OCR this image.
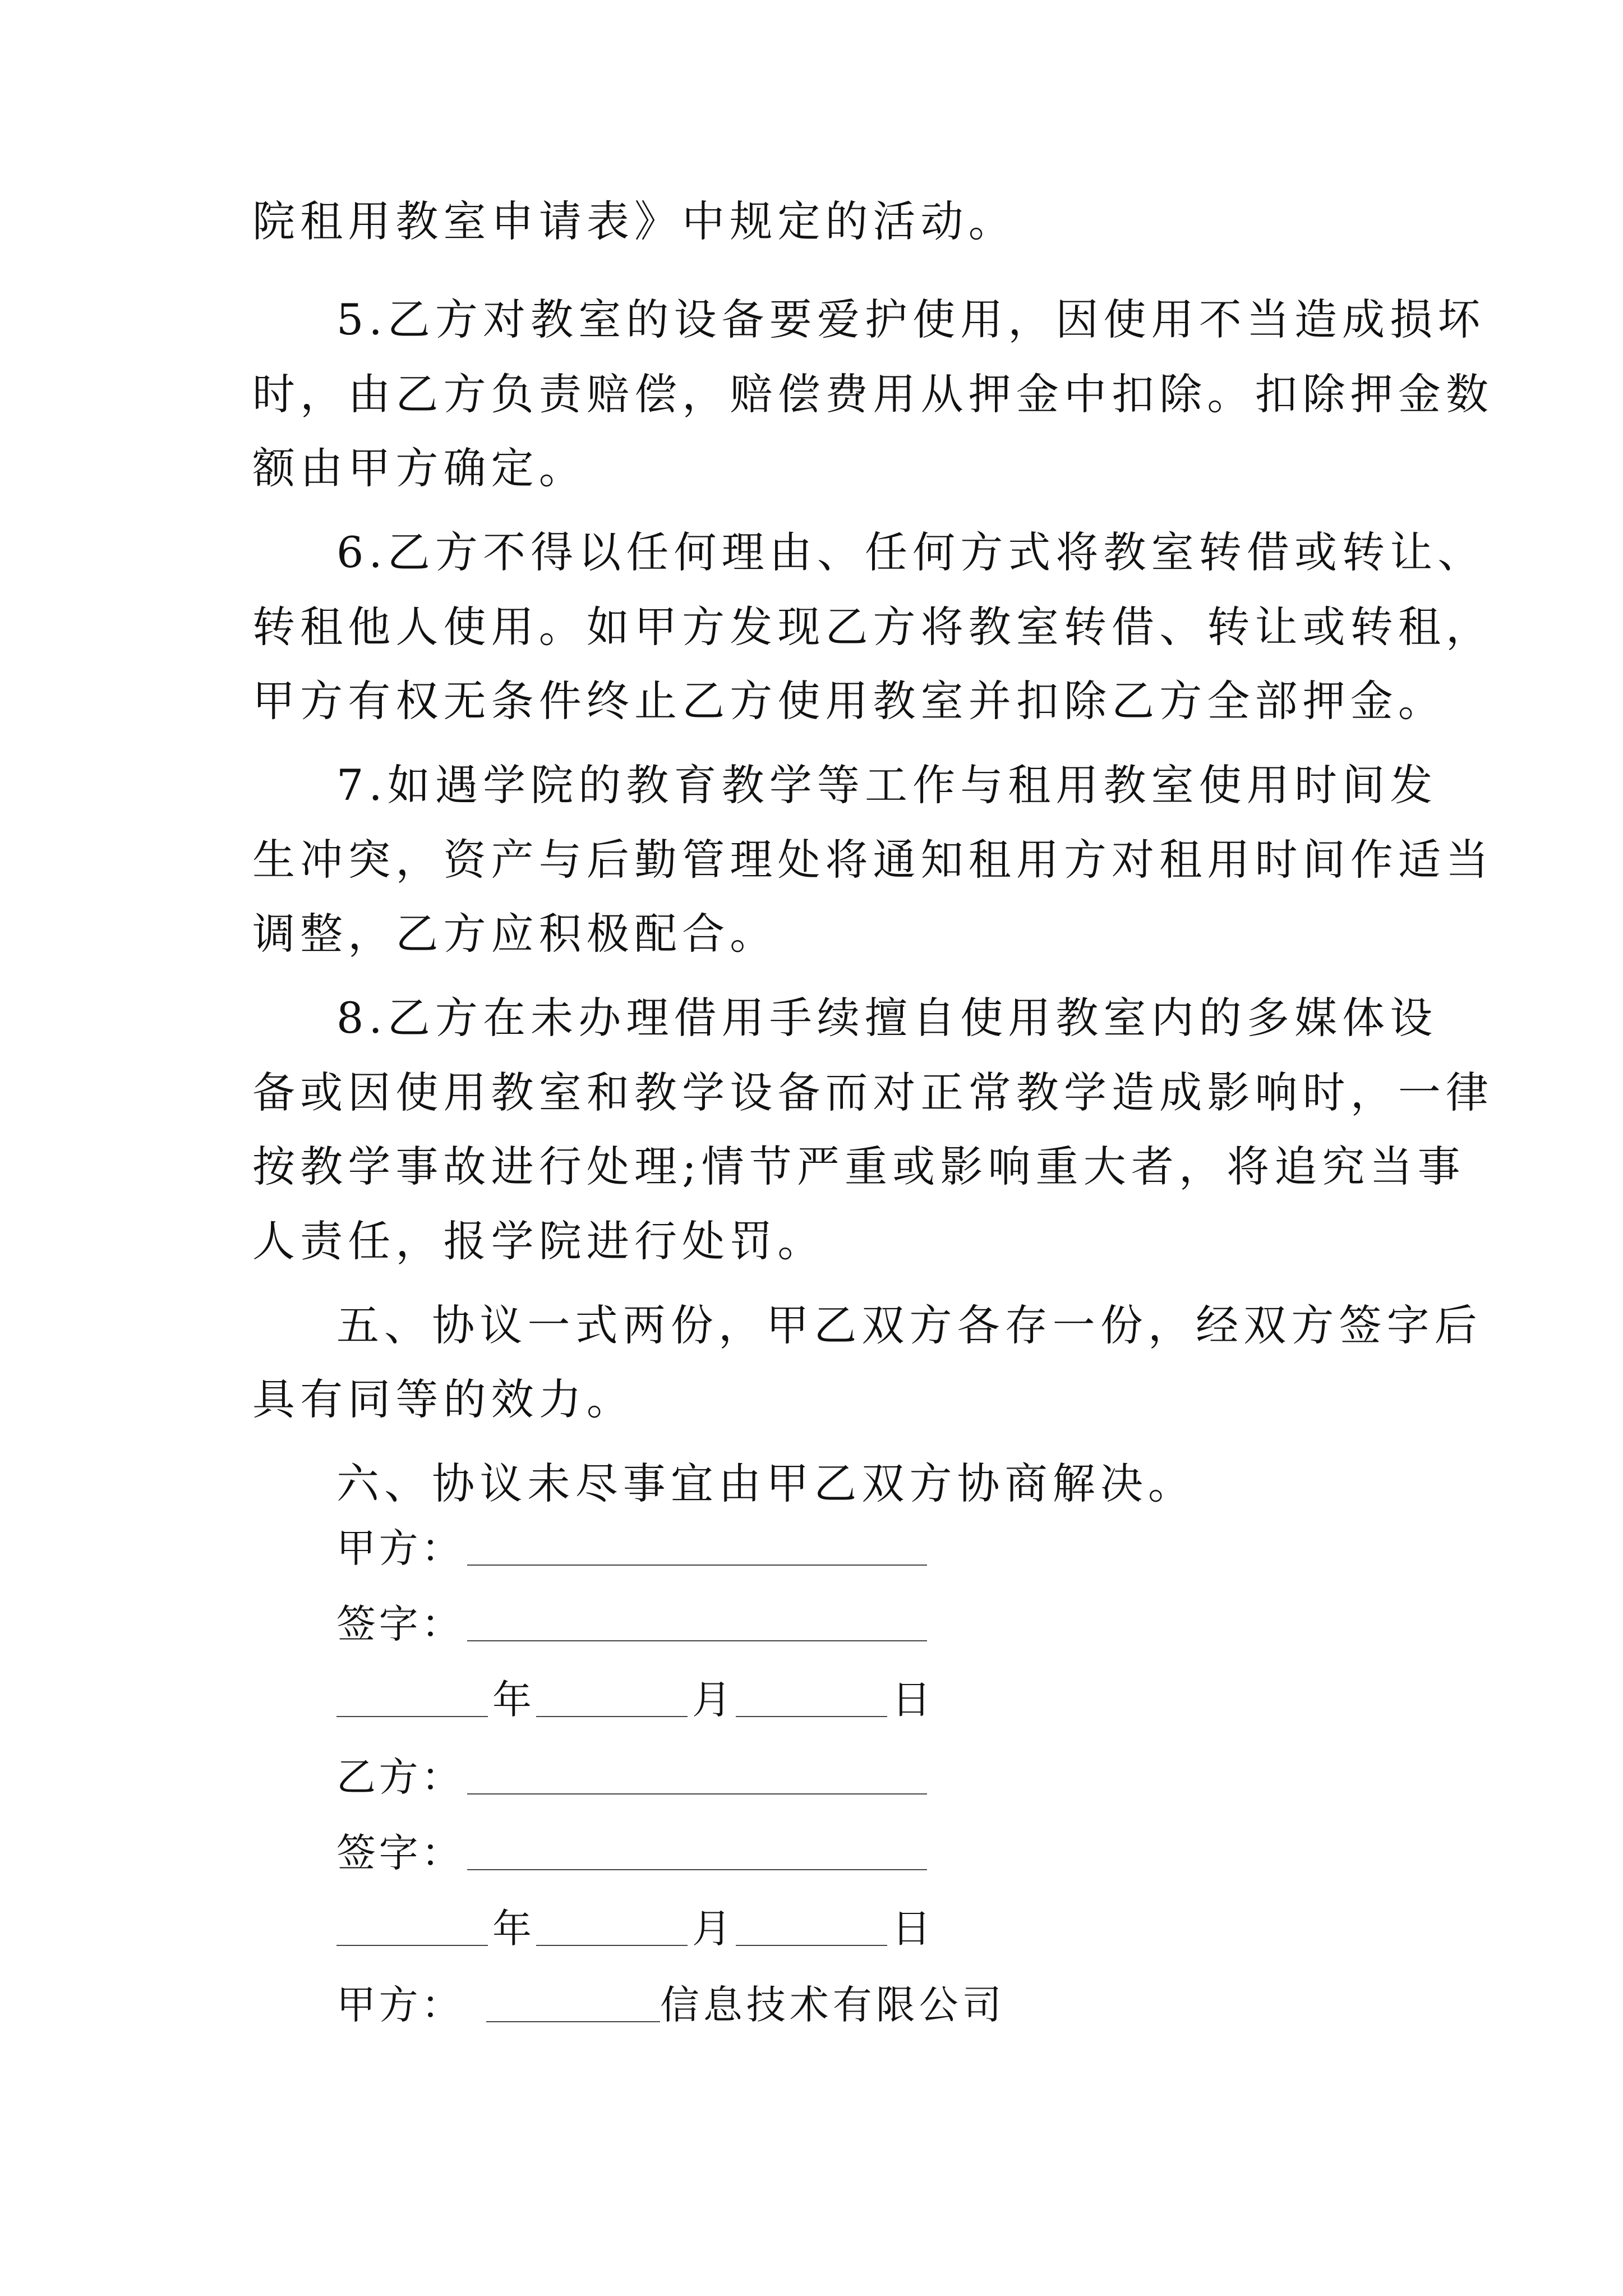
院租用教室申请表》中规定的活动。
5.乙方对教室的设备要爱护使用，因使用不当造成损坏
时，由乙方负责赔偿，赔偿费用从押金中扣除。扣除押金数
额由甲方确定。
6.乙方不得以任何理由、任何方式将教室转借或转让、
转租他人使用。如甲方发现乙方将教室转借、转让或转租，
甲方有权无条件终止乙方使用教室并扣除乙方全部押金。
7.如遇学院的教育教学等工作与租用教室使用时间发
生冲突，资产与后勤管理处将通知租用方对租用时间作适当
调整，乙方应积极配合。
8.乙方在未办理借用手续擅自使用教室内的多媒体设
备或因使用教室和教学设备而对正常教学造成影响时，一律
按教学事故进行处理;情节严重或影响重大者，将追究当事
人责任，报学院进行处罚。
五、协议一式两份，甲乙双方各存一份，经双方签字后
具有同等的效力。
六、协议未尽事宜由甲乙双方协商解决。
甲方：
签字：
年	月	日
乙方：
签字：
年	月	日
甲方：	信息技术有限公司
